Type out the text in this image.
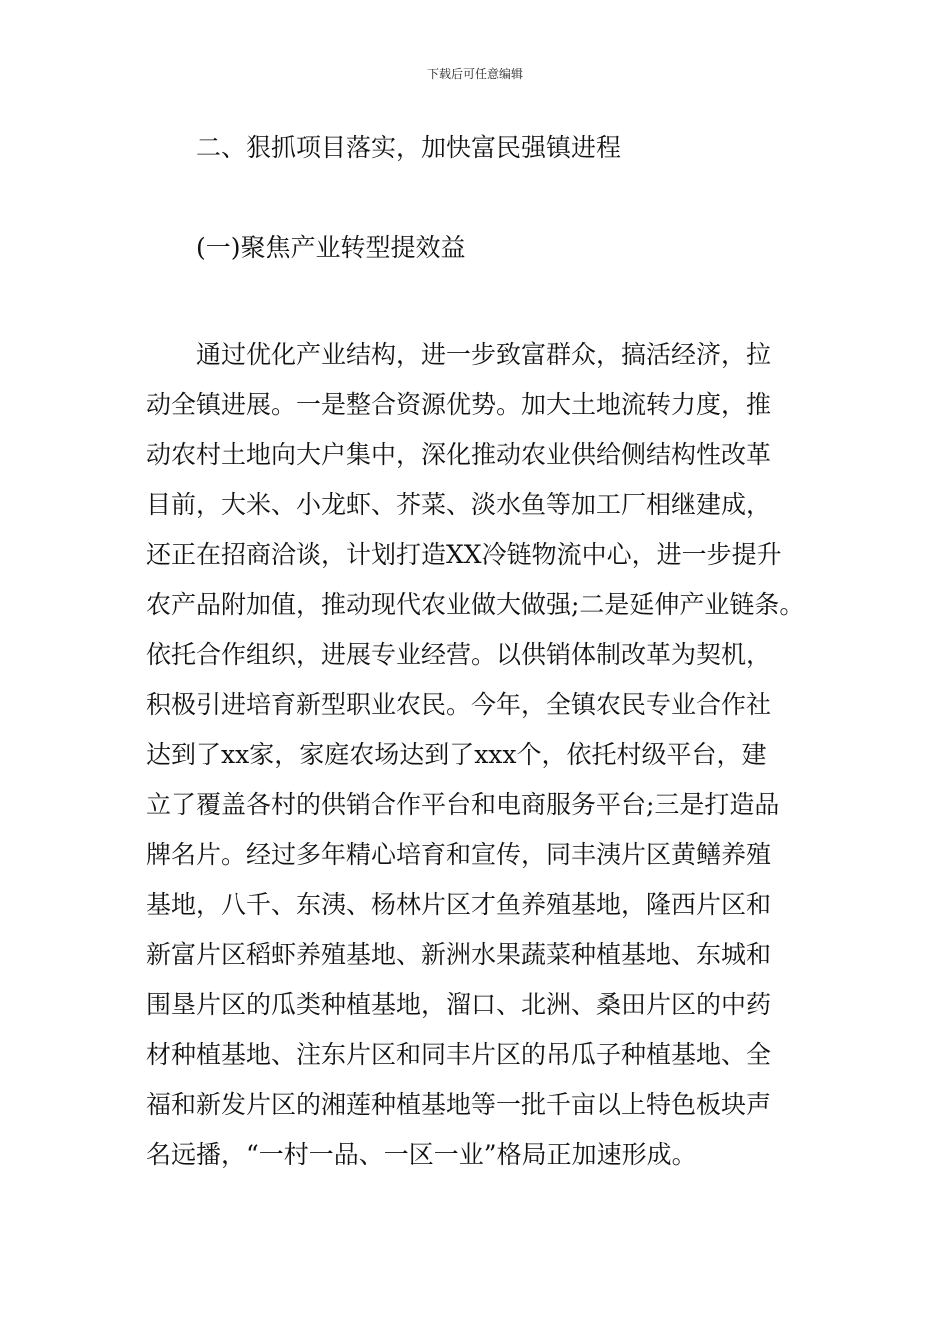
下载后可任意编辑
二、狠抓项目落实，加快富民强镇进程
(一)聚焦产业转型提效益
通过优化产业结构，进一步致富群众，搞活经济，拉
动全镇进展。一是整合资源优势。加大土地流转力度，推
动农村土地向大户集中，深化推动农业供给侧结构性改革
目前，大米、小龙虾、芥菜、淡水鱼等加工厂相继建成，
还正在招商洽谈，计划打造XX冷链物流中心，进一步提升
农产品附加值，推动现代农业做大做强;二是延伸产业链条。
依托合作组织，进展专业经营。以供销体制改革为契机，
积极引进培育新型职业农民。今年，全镇农民专业合作社
达到了xx家，家庭农场达到了xxx个，依托村级平台，建
立了覆盖各村的供销合作平台和电商服务平台;三是打造品
牌名片。经过多年精心培育和宣传，同丰洟片区黄鳝养殖
基地，八千、东洟、杨林片区才鱼养殖基地，隆西片区和
新富片区稻虾养殖基地、新洲水果蔬菜种植基地、东城和
围垦片区的瓜类种植基地，溜口、北洲、桑田片区的中药
材种植基地、注东片区和同丰片区的吊瓜子种植基地、全
福和新发片区的湘莲种植基地等一批千亩以上特色板块声
名远播，“一村一品、一区一业”格局正加速形成。
